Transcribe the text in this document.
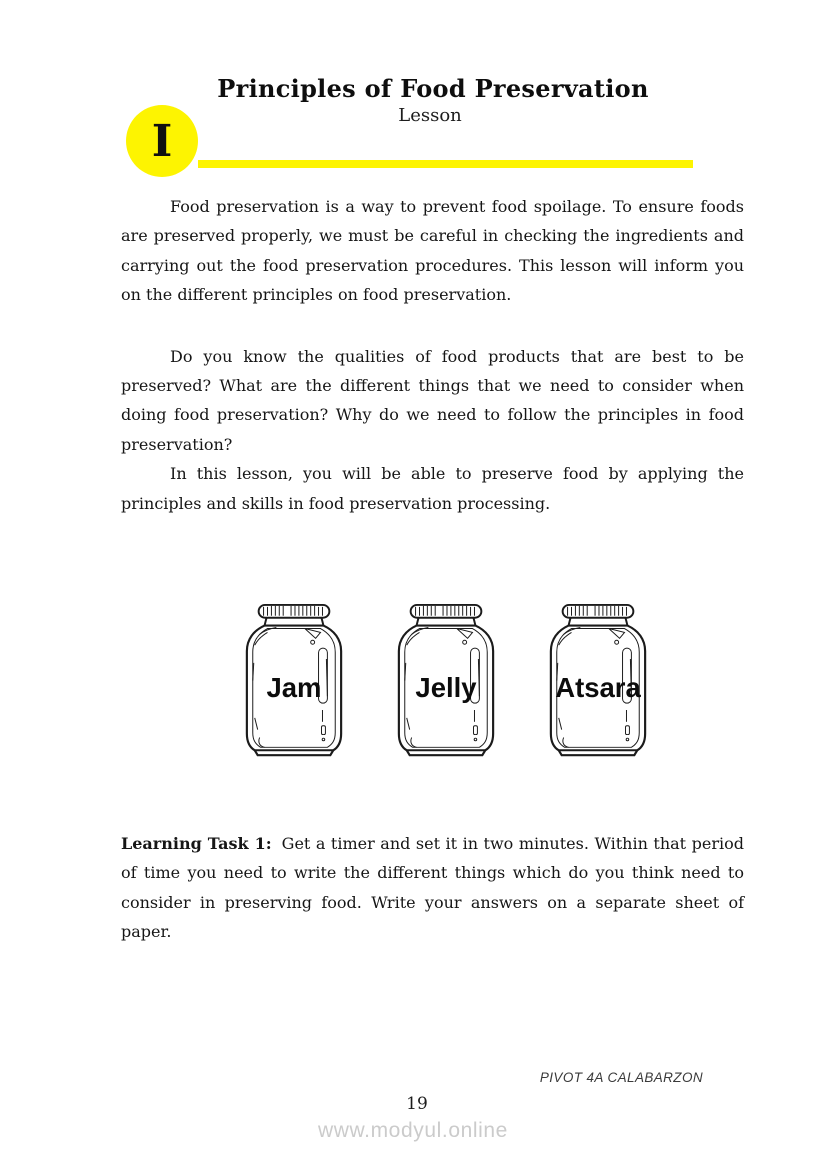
Principles of Food Preservation
Lesson
I

Food preservation is a way to prevent food spoilage. To ensure foods are preserved properly, we must be careful in checking the ingredients and carrying out the food preservation procedures. This lesson will inform you on the different principles on food preservation.

Do you know the qualities of food products that are best to be preserved? What are the different things that we need to consider when doing food preservation? Why do we need to follow the principles in food preservation?

In this lesson, you will be able to preserve food by applying the principles and skills in food preservation processing.

Jam	Jelly	Atsara

Learning Task 1: Get a timer and set it in two minutes. Within that period of time you need to write the different things which do you think need to consider in preserving food. Write your answers on a separate sheet of paper.

PIVOT 4A CALABARZON
19
www.modyul.online
